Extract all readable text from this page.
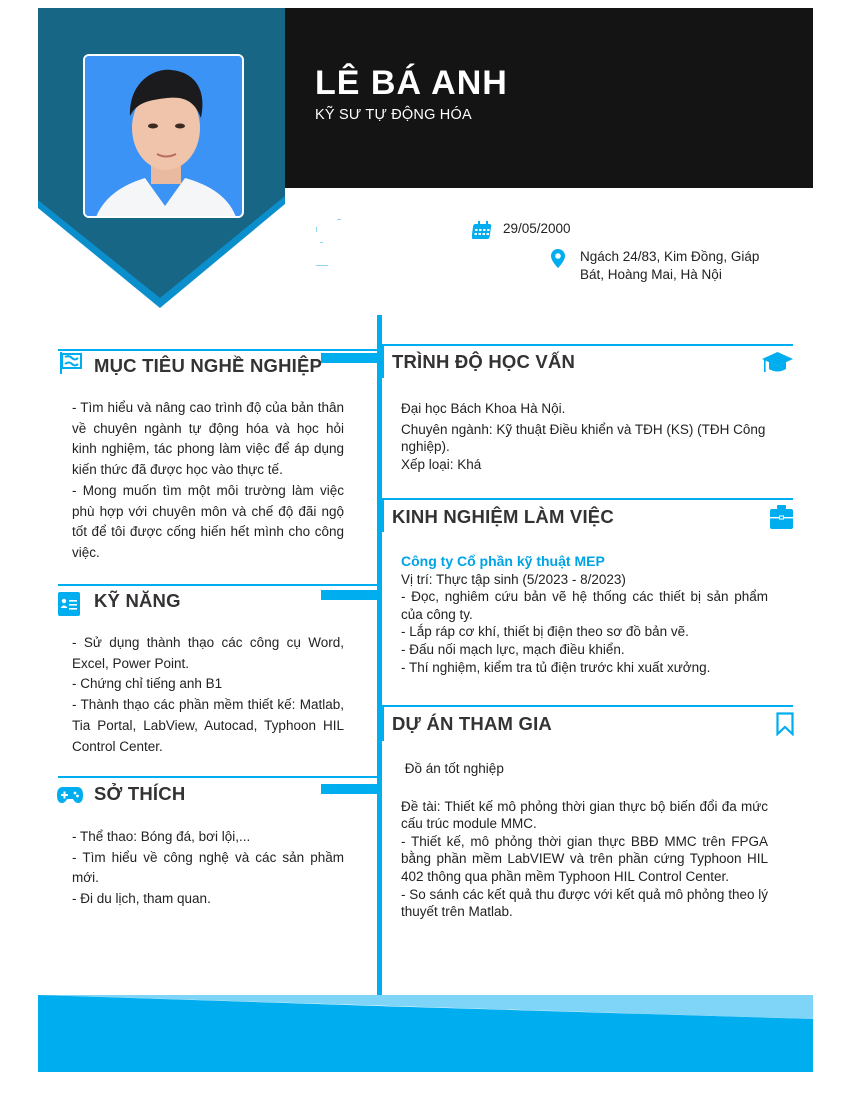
LÊ BÁ ANH
KỸ SƯ TỰ ĐỘNG HÓA
29/05/2000
Ngách 24/83, Kim Đồng, Giáp
Bát, Hoàng Mai, Hà Nội
MỤC TIÊU NGHỀ NGHIỆP

- Tìm hiểu và nâng cao trình độ của bản thân về chuyên ngành tự động hóa và học hỏi kinh nghiệm, tác phong làm việc để áp dụng kiến thức đã được học vào thực tế.

- Mong muốn tìm một môi trường làm việc phù hợp với chuyên môn và chế độ đãi ngộ tốt để tôi được cống hiến hết mình cho công việc.

KỸ NĂNG

- Sử dụng thành thạo các công cụ Word, Excel, Power Point.

- Chứng chỉ tiếng anh B1

- Thành thạo các phần mềm thiết kế: Matlab, Tia Portal, LabView, Autocad, Typhoon HIL Control Center.

SỞ THÍCH

- Thể thao: Bóng đá, bơi lội,...

- Tìm hiểu về công nghệ và các sản phầm mới.

- Đi du lịch, tham quan.

TRÌNH ĐỘ HỌC VẤN

Đại học Bách Khoa Hà Nội.

Chuyên ngành: Kỹ thuật Điều khiển và TĐH (KS) (TĐH Công nghiệp).

Xếp loại: Khá

KINH NGHIỆM LÀM VIỆC

Công ty Cổ phần kỹ thuật MEP

Vị trí: Thực tập sinh (5/2023 - 8/2023)

- Đọc, nghiêm cứu bản vẽ hệ thống các thiết bị sản phẩm của công ty.

- Lắp ráp cơ khí, thiết bị điện theo sơ đồ bản vẽ.

- Đấu nối mạch lực, mạch điều khiển.

- Thí nghiệm, kiểm tra tủ điện trước khi xuất xưởng.

DỰ ÁN THAM GIA

Đồ án tốt nghiệp

Đề tài: Thiết kế mô phỏng thời gian thực bộ biến đổi đa mức cấu trúc module MMC.

- Thiết kế, mô phỏng thời gian thực BBĐ MMC trên FPGA bằng phần mềm LabVIEW và trên phần cứng Typhoon HIL 402 thông qua phần mềm Typhoon HIL Control Center.

- So sánh các kết quả thu được với kết quả mô phỏng theo lý thuyết trên Matlab.
